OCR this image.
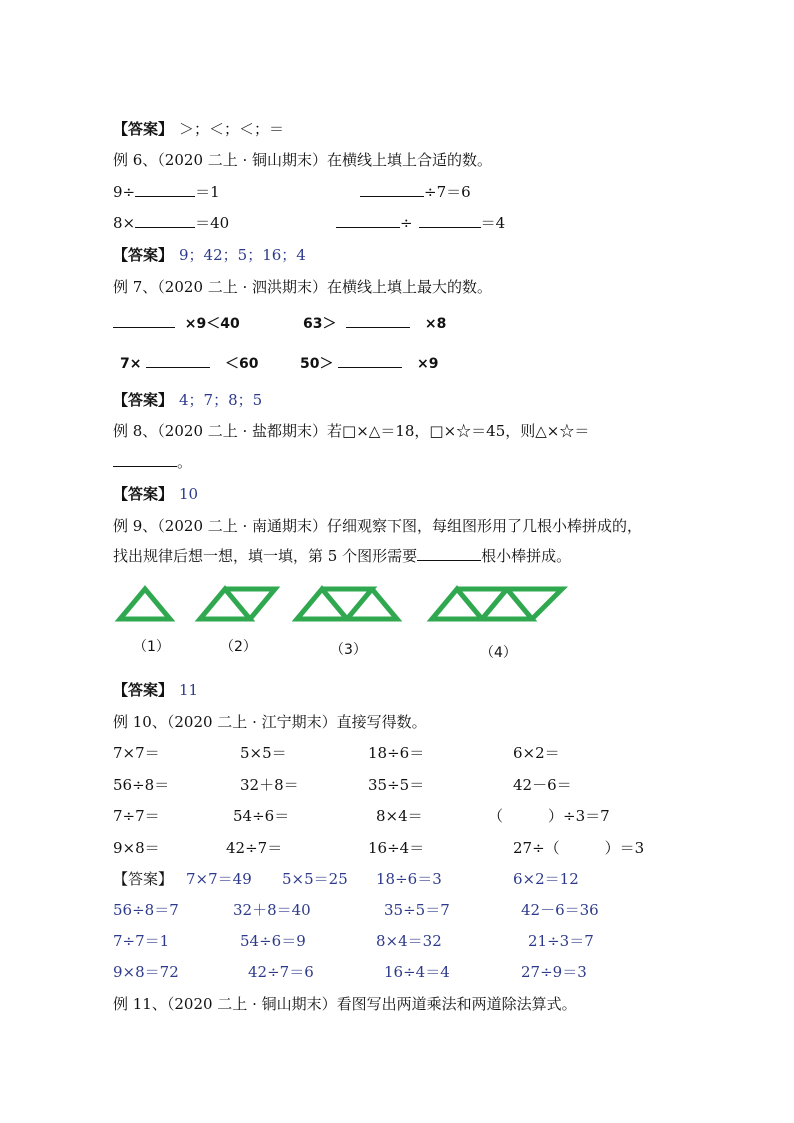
【答案】 ＞；＜；＜；＝
例 6、（2020 二上 · 铜山期末）在横线上填上合适的数。
9÷	＝1	÷7＝6
8×	＝40	÷	＝4
【答案】 9；42；5；16；4
例 7、（2020 二上 · 泗洪期末）在横线上填上最大的数。
×9＜40	63＞	×8
7×	＜60	50＞	×9
【答案】 4；7；8；5
例 8、（2020 二上 · 盐都期末）若□×△＝18，□×☆＝45，则△×☆＝
。
【答案】 10
例 9、（2020 二上 · 南通期末）仔细观察下图，每组图形用了几根小棒拼成的，
找出规律后想一想，填一填，第 5 个图形需要	根小棒拼成。
（1）	（2）	（3）	（4）
【答案】 11
例 10、（2020 二上 · 江宁期末）直接写得数。
7×7＝	5×5＝	18÷6＝	6×2＝
56÷8＝	32＋8＝	35÷5＝	42－6＝
7÷7＝	54÷6＝	8×4＝	（　　　）÷3＝7
9×8＝	42÷7＝	16÷4＝	27÷（　　　）＝3
【答案】 7×7＝49 5×5＝25 18÷6＝3	6×2＝12
56÷8＝7	32＋8＝40	35÷5＝7	42－6＝36
7÷7＝1	54÷6＝9	8×4＝32	21÷3＝7
9×8＝72	42÷7＝6	16÷4＝4	27÷9＝3
例 11、（2020 二上 · 铜山期末）看图写出两道乘法和两道除法算式。
